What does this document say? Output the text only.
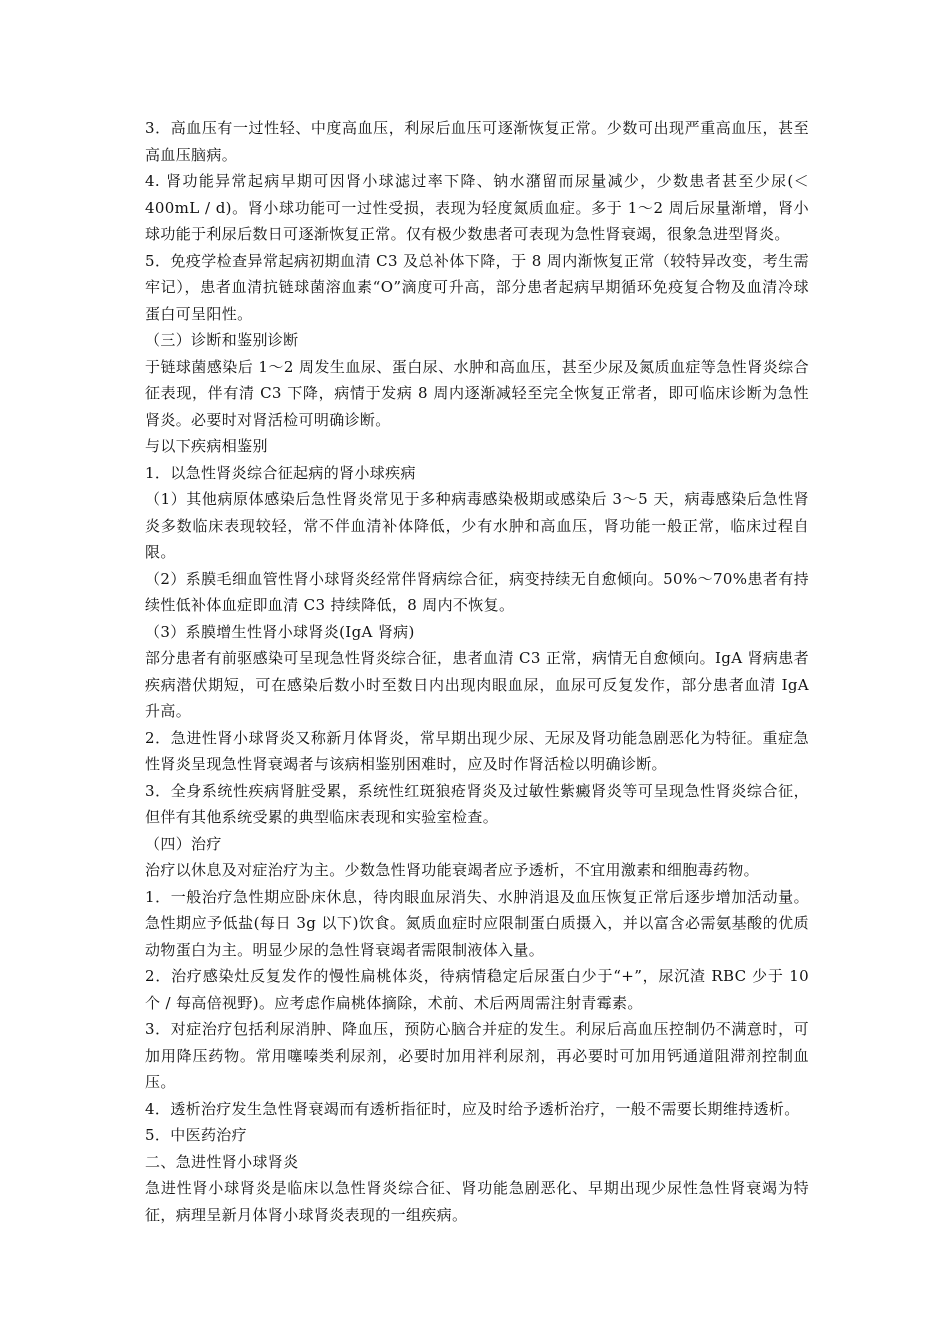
3．高血压有一过性轻、中度高血压，利尿后血压可逐渐恢复正常。少数可出现严重高血压，甚至高血压脑病。

4. 肾功能异常起病早期可因肾小球滤过率下降、钠水潴留而尿量减少，少数患者甚至少尿(＜400mL / d)。肾小球功能可一过性受损，表现为轻度氮质血症。多于 1～2 周后尿量渐增，肾小球功能于利尿后数日可逐渐恢复正常。仅有极少数患者可表现为急性肾衰竭，很象急进型肾炎。

5．免疫学检查异常起病初期血清 C3 及总补体下降，于 8 周内渐恢复正常（较特异改变，考生需牢记），患者血清抗链球菌溶血素“O”滴度可升高，部分患者起病早期循环免疫复合物及血清冷球蛋白可呈阳性。

（三）诊断和鉴别诊断

于链球菌感染后 1～2 周发生血尿、蛋白尿、水肿和高血压，甚至少尿及氮质血症等急性肾炎综合征表现，伴有清 C3 下降，病情于发病 8 周内逐渐减轻至完全恢复正常者，即可临床诊断为急性肾炎。必要时对肾活检可明确诊断。

与以下疾病相鉴别

1．以急性肾炎综合征起病的肾小球疾病

（1）其他病原体感染后急性肾炎常见于多种病毒感染极期或感染后 3～5 天，病毒感染后急性肾炎多数临床表现较轻，常不伴血清补体降低，少有水肿和高血压，肾功能一般正常，临床过程自限。

（2）系膜毛细血管性肾小球肾炎经常伴肾病综合征，病变持续无自愈倾向。50%～70%患者有持续性低补体血症即血清 C3 持续降低，8 周内不恢复。

（3）系膜增生性肾小球肾炎(IgA 肾病)

部分患者有前驱感染可呈现急性肾炎综合征，患者血清 C3 正常，病情无自愈倾向。IgA 肾病患者疾病潜伏期短，可在感染后数小时至数日内出现肉眼血尿，血尿可反复发作，部分患者血清 IgA 升高。

2．急进性肾小球肾炎又称新月体肾炎，常早期出现少尿、无尿及肾功能急剧恶化为特征。重症急性肾炎呈现急性肾衰竭者与该病相鉴别困难时，应及时作肾活检以明确诊断。

3．全身系统性疾病肾脏受累，系统性红斑狼疮肾炎及过敏性紫癜肾炎等可呈现急性肾炎综合征，但伴有其他系统受累的典型临床表现和实验室检查。

（四）治疗

治疗以休息及对症治疗为主。少数急性肾功能衰竭者应予透析，不宜用激素和细胞毒药物。

1．一般治疗急性期应卧床休息，待肉眼血尿消失、水肿消退及血压恢复正常后逐步增加活动量。急性期应予低盐(每日 3g 以下)饮食。氮质血症时应限制蛋白质摄入，并以富含必需氨基酸的优质动物蛋白为主。明显少尿的急性肾衰竭者需限制液体入量。

2．治疗感染灶反复发作的慢性扁桃体炎，待病情稳定后尿蛋白少于“+”，尿沉渣 RBC 少于 10 个 / 每高倍视野)。应考虑作扁桃体摘除，术前、术后两周需注射青霉素。

3．对症治疗包括利尿消肿、降血压，预防心脑合并症的发生。利尿后高血压控制仍不满意时，可加用降压药物。常用噻嗪类利尿剂，必要时加用袢利尿剂，再必要时可加用钙通道阻滞剂控制血压。

4．透析治疗发生急性肾衰竭而有透析指征时，应及时给予透析治疗，一般不需要长期维持透析。

5．中医药治疗

二、急进性肾小球肾炎

急进性肾小球肾炎是临床以急性肾炎综合征、肾功能急剧恶化、早期出现少尿性急性肾衰竭为特征，病理呈新月体肾小球肾炎表现的一组疾病。
